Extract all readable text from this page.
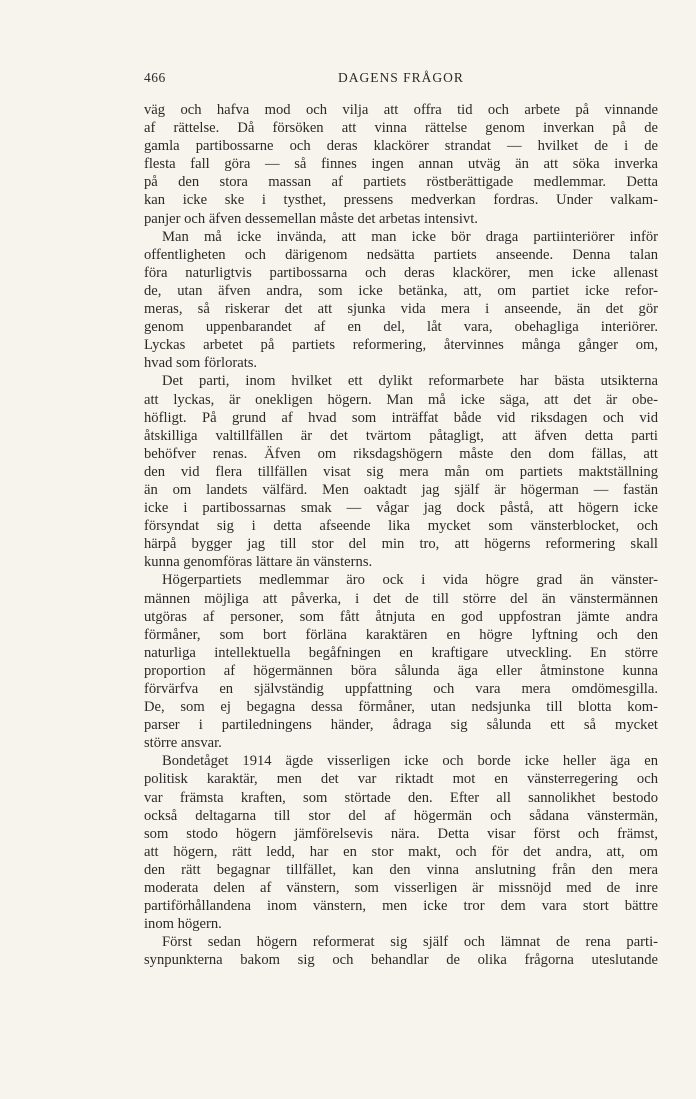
466	DAGENS FRÅGOR
väg och hafva mod och vilja att offra tid och arbete på vinnande
af rättelse. Då försöken att vinna rättelse genom inverkan på de
gamla partibossarne och deras klackörer strandat — hvilket de i de
flesta fall göra — så finnes ingen annan utväg än att söka inverka
på den stora massan af partiets röstberättigade medlemmar. Detta
kan icke ske i tysthet, pressens medverkan fordras. Under valkam-
panjer och äfven dessemellan måste det arbetas intensivt.
Man må icke invända, att man icke bör draga partiinteriörer inför
offentligheten och därigenom nedsätta partiets anseende. Denna talan
föra naturligtvis partibossarna och deras klackörer, men icke allenast
de, utan äfven andra, som icke betänka, att, om partiet icke refor-
meras, så riskerar det att sjunka vida mera i anseende, än det gör
genom uppenbarandet af en del, låt vara, obehagliga interiörer.
Lyckas arbetet på partiets reformering, återvinnes många gånger om,
hvad som förlorats.
Det parti, inom hvilket ett dylikt reformarbete har bästa utsikterna
att lyckas, är onekligen högern. Man må icke säga, att det är obe-
höfligt. På grund af hvad som inträffat både vid riksdagen och vid
åtskilliga valtillfällen är det tvärtom påtagligt, att äfven detta parti
behöfver renas. Äfven om riksdagshögern måste den dom fällas, att
den vid flera tillfällen visat sig mera mån om partiets maktställning
än om landets välfärd. Men oaktadt jag själf är högerman — fastän
icke i partibossarnas smak — vågar jag dock påstå, att högern icke
försyndat sig i detta afseende lika mycket som vänsterblocket, och
härpå bygger jag till stor del min tro, att högerns reformering skall
kunna genomföras lättare än vänsterns.
Högerpartiets medlemmar äro ock i vida högre grad än vänster-
männen möjliga att påverka, i det de till större del än vänstermännen
utgöras af personer, som fått åtnjuta en god uppfostran jämte andra
förmåner, som bort förläna karaktären en högre lyftning och den
naturliga intellektuella begåfningen en kraftigare utveckling. En större
proportion af högermännen böra sålunda äga eller åtminstone kunna
förvärfva en självständig uppfattning och vara mera omdömesgilla.
De, som ej begagna dessa förmåner, utan nedsjunka till blotta kom-
parser i partiledningens händer, ådraga sig sålunda ett så mycket
större ansvar.
Bondetåget 1914 ägde visserligen icke och borde icke heller äga en
politisk karaktär, men det var riktadt mot en vänsterregering och
var främsta kraften, som störtade den. Efter all sannolikhet bestodo
också deltagarna till stor del af högermän och sådana vänstermän,
som stodo högern jämförelsevis nära. Detta visar först och främst,
att högern, rätt ledd, har en stor makt, och för det andra, att, om
den rätt begagnar tillfället, kan den vinna anslutning från den mera
moderata delen af vänstern, som visserligen är missnöjd med de inre
partiförhållandena inom vänstern, men icke tror dem vara stort bättre
inom högern.
Först sedan högern reformerat sig själf och lämnat de rena parti-
synpunkterna bakom sig och behandlar de olika frågorna uteslutande
